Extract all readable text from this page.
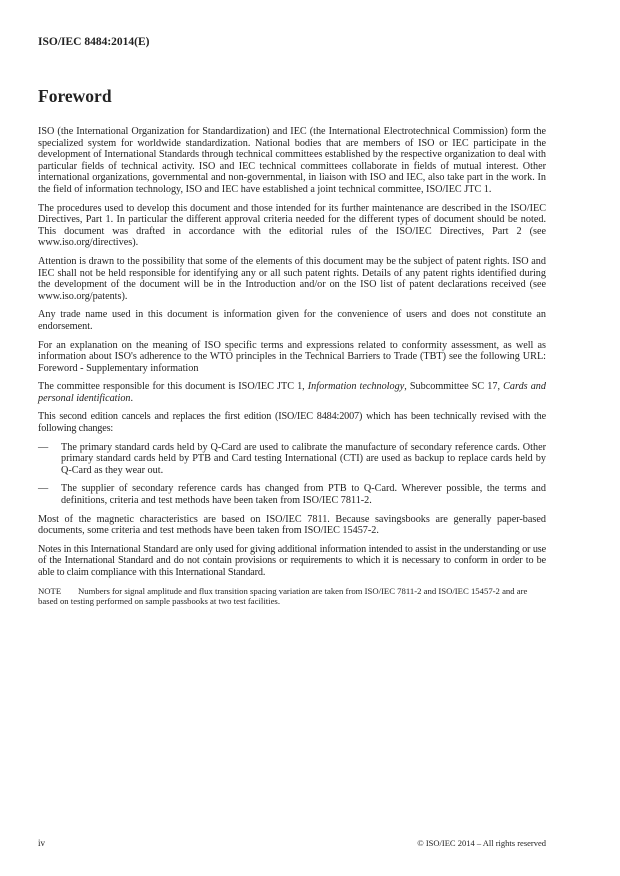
ISO/IEC 8484:2014(E)
Foreword

ISO (the International Organization for Standardization) and IEC (the International Electrotechnical Commission) form the specialized system for worldwide standardization. National bodies that are members of ISO or IEC participate in the development of International Standards through technical committees established by the respective organization to deal with particular fields of technical activity. ISO and IEC technical committees collaborate in fields of mutual interest. Other international organizations, governmental and non-governmental, in liaison with ISO and IEC, also take part in the work. In the field of information technology, ISO and IEC have established a joint technical committee, ISO/IEC JTC 1.

The procedures used to develop this document and those intended for its further maintenance are described in the ISO/IEC Directives, Part 1. In particular the different approval criteria needed for the different types of document should be noted. This document was drafted in accordance with the editorial rules of the ISO/IEC Directives, Part 2 (see www.iso.org/directives).

Attention is drawn to the possibility that some of the elements of this document may be the subject of patent rights. ISO and IEC shall not be held responsible for identifying any or all such patent rights. Details of any patent rights identified during the development of the document will be in the Introduction and/or on the ISO list of patent declarations received (see www.iso.org/patents).

Any trade name used in this document is information given for the convenience of users and does not constitute an endorsement.

For an explanation on the meaning of ISO specific terms and expressions related to conformity assessment, as well as information about ISO's adherence to the WTO principles in the Technical Barriers to Trade (TBT) see the following URL: Foreword - Supplementary information

The committee responsible for this document is ISO/IEC JTC 1, Information technology, Subcommittee SC 17, Cards and personal identification.

This second edition cancels and replaces the first edition (ISO/IEC 8484:2007) which has been technically revised with the following changes:

— The primary standard cards held by Q-Card are used to calibrate the manufacture of secondary reference cards. Other primary standard cards held by PTB and Card testing International (CTI) are used as backup to replace cards held by Q-Card as they wear out.
— The supplier of secondary reference cards has changed from PTB to Q-Card. Wherever possible, the terms and definitions, criteria and test methods have been taken from ISO/IEC 7811-2.

Most of the magnetic characteristics are based on ISO/IEC 7811. Because savingsbooks are generally paper-based documents, some criteria and test methods have been taken from ISO/IEC 15457-2.

Notes in this International Standard are only used for giving additional information intended to assist in the understanding or use of the International Standard and do not contain provisions or requirements to which it is necessary to conform in order to be able to claim compliance with this International Standard.

NOTE Numbers for signal amplitude and flux transition spacing variation are taken from ISO/IEC 7811-2 and ISO/IEC 15457-2 and are based on testing performed on sample passbooks at two test facilities.

iv	© ISO/IEC 2014 – All rights reserved
